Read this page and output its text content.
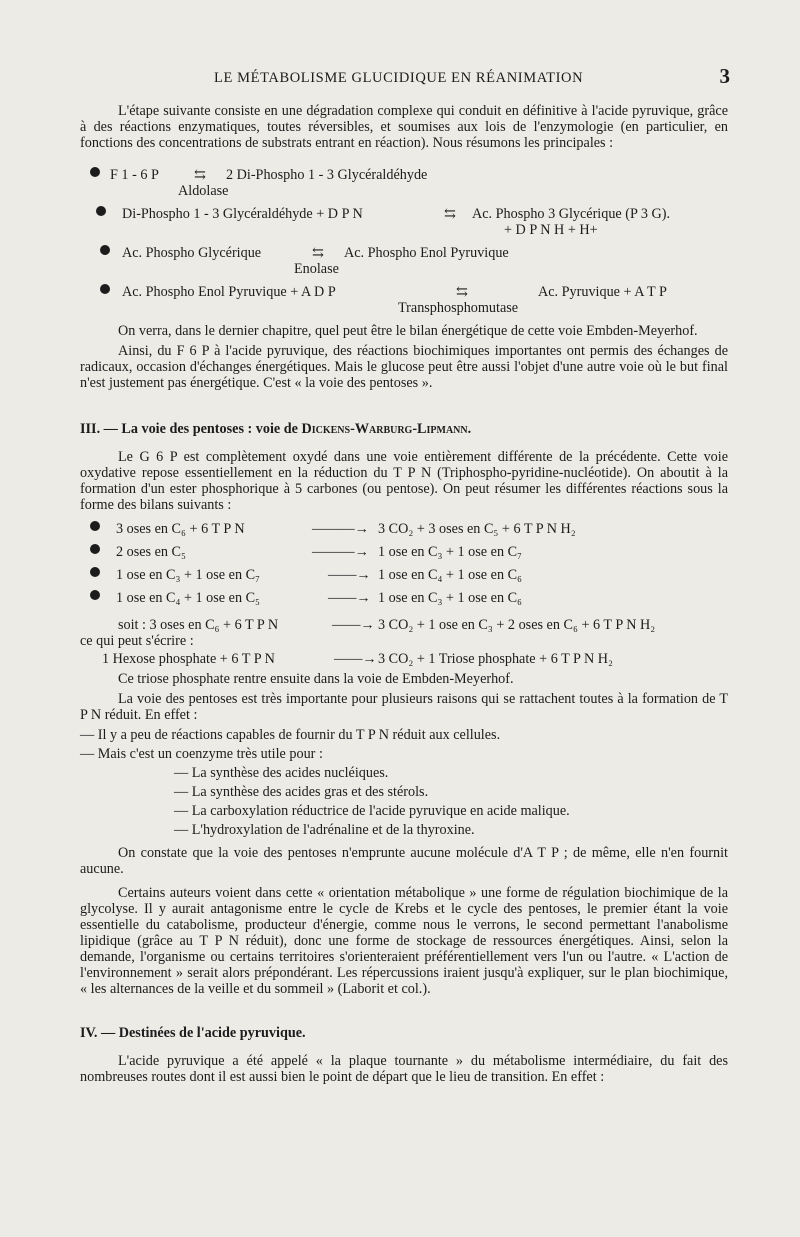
LE MÉTABOLISME GLUCIDIQUE EN RÉANIMATION	3

L'étape suivante consiste en une dégradation complexe qui conduit en définitive à l'acide pyruvique, grâce à des réactions enzymatiques, toutes réversibles, et soumises aux lois de l'enzymologie (en particulier, en fonctions des concentrations de substrats entrant en réaction). Nous résumons les principales :

F 1 - 6 P ⇆ 2 Di-Phospho 1 - 3 Glycéraldéhyde
Aldolase
Di-Phospho 1 - 3 Glycéraldéhyde + D P N	⇆ Ac. Phospho 3 Glycérique (P 3 G).
+ D P N H + H+
Ac. Phospho Glycérique	⇆ Ac. Phospho Enol Pyruvique
Enolase
Ac. Phospho Enol Pyruvique + A D P	⇆	Ac. Pyruvique + A T P
Transphosphomutase

On verra, dans le dernier chapitre, quel peut être le bilan énergétique de cette voie Embden-Meyerhof.

Ainsi, du F 6 P à l'acide pyruvique, des réactions biochimiques importantes ont permis des échanges de radicaux, occasion d'échanges énergétiques. Mais le glucose peut être aussi l'objet d'une autre voie où le but final n'est justement pas énergétique. C'est « la voie des pentoses ».

III. — La voie des pentoses : voie de Dickens-Warburg-Lipmann.

Le G 6 P est complètement oxydé dans une voie entièrement différente de la précédente. Cette voie oxydative repose essentiellement en la réduction du T P N (Triphospho-pyridine-nucléotide). On aboutit à la formation d'un ester phosphorique à 5 carbones (ou pentose). On peut résumer les différentes réactions sous la forme des bilans suivants :

3 oses en C₆ + 6 T P N	———→ 3 CO₂ + 3 oses en C₅ + 6 T P N H₂
2 oses en C₅	———→ 1 ose en C₃ + 1 ose en C₇
1 ose en C₃ + 1 ose en C₇	——→ 1 ose en C₄ + 1 ose en C₆
1 ose en C₄ + 1 ose en C₅	——→ 1 ose en C₃ + 1 ose en C₆
soit : 3 oses en C₆ + 6 T P N	——→ 3 CO₂ + 1 ose en C₃ + 2 oses en C₆ + 6 T P N H₂

ce qui peut s'écrire :

1 Hexose phosphate + 6 T P N	——→ 3 CO₂ + 1 Triose phosphate + 6 T P N H₂

Ce triose phosphate rentre ensuite dans la voie de Embden-Meyerhof.

La voie des pentoses est très importante pour plusieurs raisons qui se rattachent toutes à la formation de T P N réduit. En effet :

— Il y a peu de réactions capables de fournir du T P N réduit aux cellules.

— Mais c'est un coenzyme très utile pour :

— La synthèse des acides nucléiques.

— La synthèse des acides gras et des stérols.

— La carboxylation réductrice de l'acide pyruvique en acide malique.

— L'hydroxylation de l'adrénaline et de la thyroxine.

On constate que la voie des pentoses n'emprunte aucune molécule d'A T P ; de même, elle n'en fournit aucune.

Certains auteurs voient dans cette « orientation métabolique » une forme de régulation biochimique de la glycolyse. Il y aurait antagonisme entre le cycle de Krebs et le cycle des pentoses, le premier étant la voie essentielle du catabolisme, producteur d'énergie, comme nous le verrons, le second permettant l'anabolisme lipidique (grâce au T P N réduit), donc une forme de stockage de ressources énergétiques. Ainsi, selon la demande, l'organisme ou certains territoires s'orienteraient préférentiellement vers l'un ou l'autre. « L'action de l'environnement » serait alors prépondérant. Les répercussions iraient jusqu'à expliquer, sur le plan biochimique, « les alternances de la veille et du sommeil » (Laborit et col.).

IV. — Destinées de l'acide pyruvique.

L'acide pyruvique a été appelé « la plaque tournante » du métabolisme intermédiaire, du fait des nombreuses routes dont il est aussi bien le point de départ que le lieu de transition. En effet :
